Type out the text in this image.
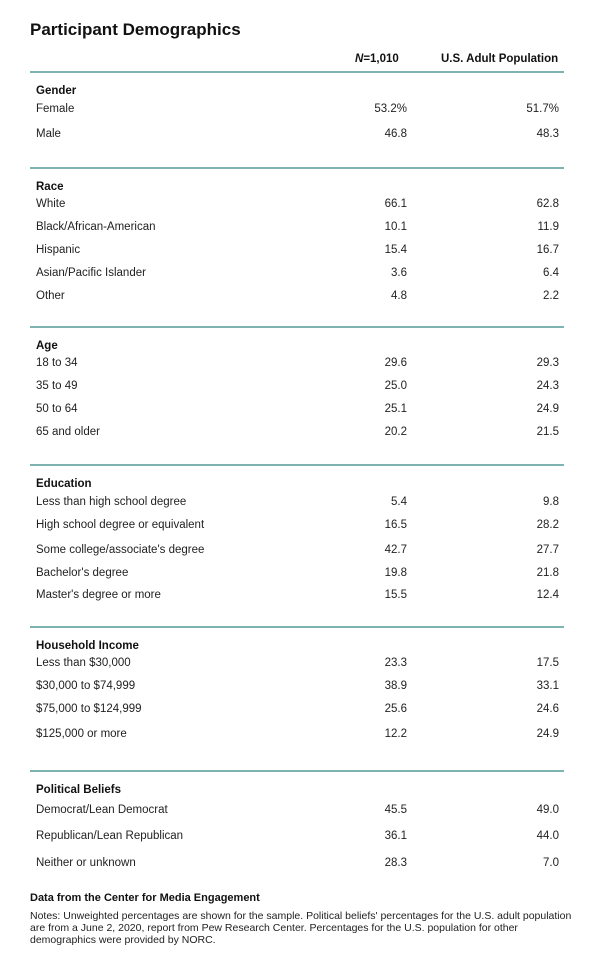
Participant Demographics
N=1,010	U.S. Adult Population
Gender
Female	53.2%	51.7%
Male	46.8	48.3
Race
White	66.1	62.8
Black/African-American	10.1	11.9
Hispanic	15.4	16.7
Asian/Pacific Islander	3.6	6.4
Other	4.8	2.2
Age
18 to 34	29.6	29.3
35 to 49	25.0	24.3
50 to 64	25.1	24.9
65 and older	20.2	21.5
Education
Less than high school degree	5.4	9.8
High school degree or equivalent	16.5	28.2
Some college/associate's degree	42.7	27.7
Bachelor's degree	19.8	21.8
Master's degree or more	15.5	12.4
Household Income
Less than $30,000	23.3	17.5
$30,000 to $74,999	38.9	33.1
$75,000 to $124,999	25.6	24.6
$125,000 or more	12.2	24.9
Political Beliefs
Democrat/Lean Democrat	45.5	49.0
Republican/Lean Republican	36.1	44.0
Neither or unknown	28.3	7.0
Data from the Center for Media Engagement
Notes: Unweighted percentages are shown for the sample. Political beliefs' percentages for the U.S. adult population are from a June 2, 2020, report from Pew Research Center. Percentages for the U.S. population for other demographics were provided by NORC.
